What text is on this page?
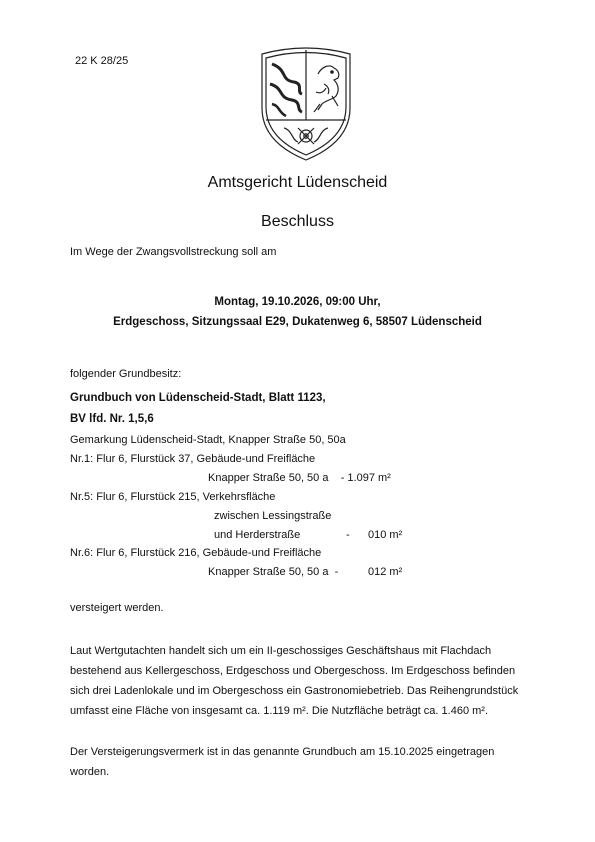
22 K 28/25
Amtsgericht Lüdenscheid
Beschluss
Im Wege der Zwangsvollstreckung soll am
Montag, 19.10.2026, 09:00 Uhr,
Erdgeschoss, Sitzungssaal E29, Dukatenweg 6, 58507 Lüdenscheid
folgender Grundbesitz:
Grundbuch von Lüdenscheid-Stadt, Blatt 1123,
BV lfd. Nr. 1,5,6
Gemarkung Lüdenscheid-Stadt, Knapper Straße 50, 50a
Nr.1: Flur 6, Flurstück 37, Gebäude-und Freifläche
Knapper Straße 50, 50 a    - 1.097 m²
Nr.5: Flur 6, Flurstück 215, Verkehrsfläche
zwischen Lessingstraße
und Herderstraße	- 010 m²
Nr.6: Flur 6, Flurstück 216, Gebäude-und Freifläche
Knapper Straße 50, 50 a  -	012 m²
versteigert werden.
Laut Wertgutachten handelt sich um ein II-geschossiges Geschäftshaus mit Flachdach bestehend aus Kellergeschoss, Erdgeschoss und Obergeschoss. Im Erdgeschoss befinden sich drei Ladenlokale und im Obergeschoss ein Gastronomiebetrieb. Das Reihengrundstück umfasst eine Fläche von insgesamt ca. 1.119 m². Die Nutzfläche beträgt ca. 1.460 m².
Der Versteigerungsvermerk ist in das genannte Grundbuch am 15.10.2025 eingetragen worden.
